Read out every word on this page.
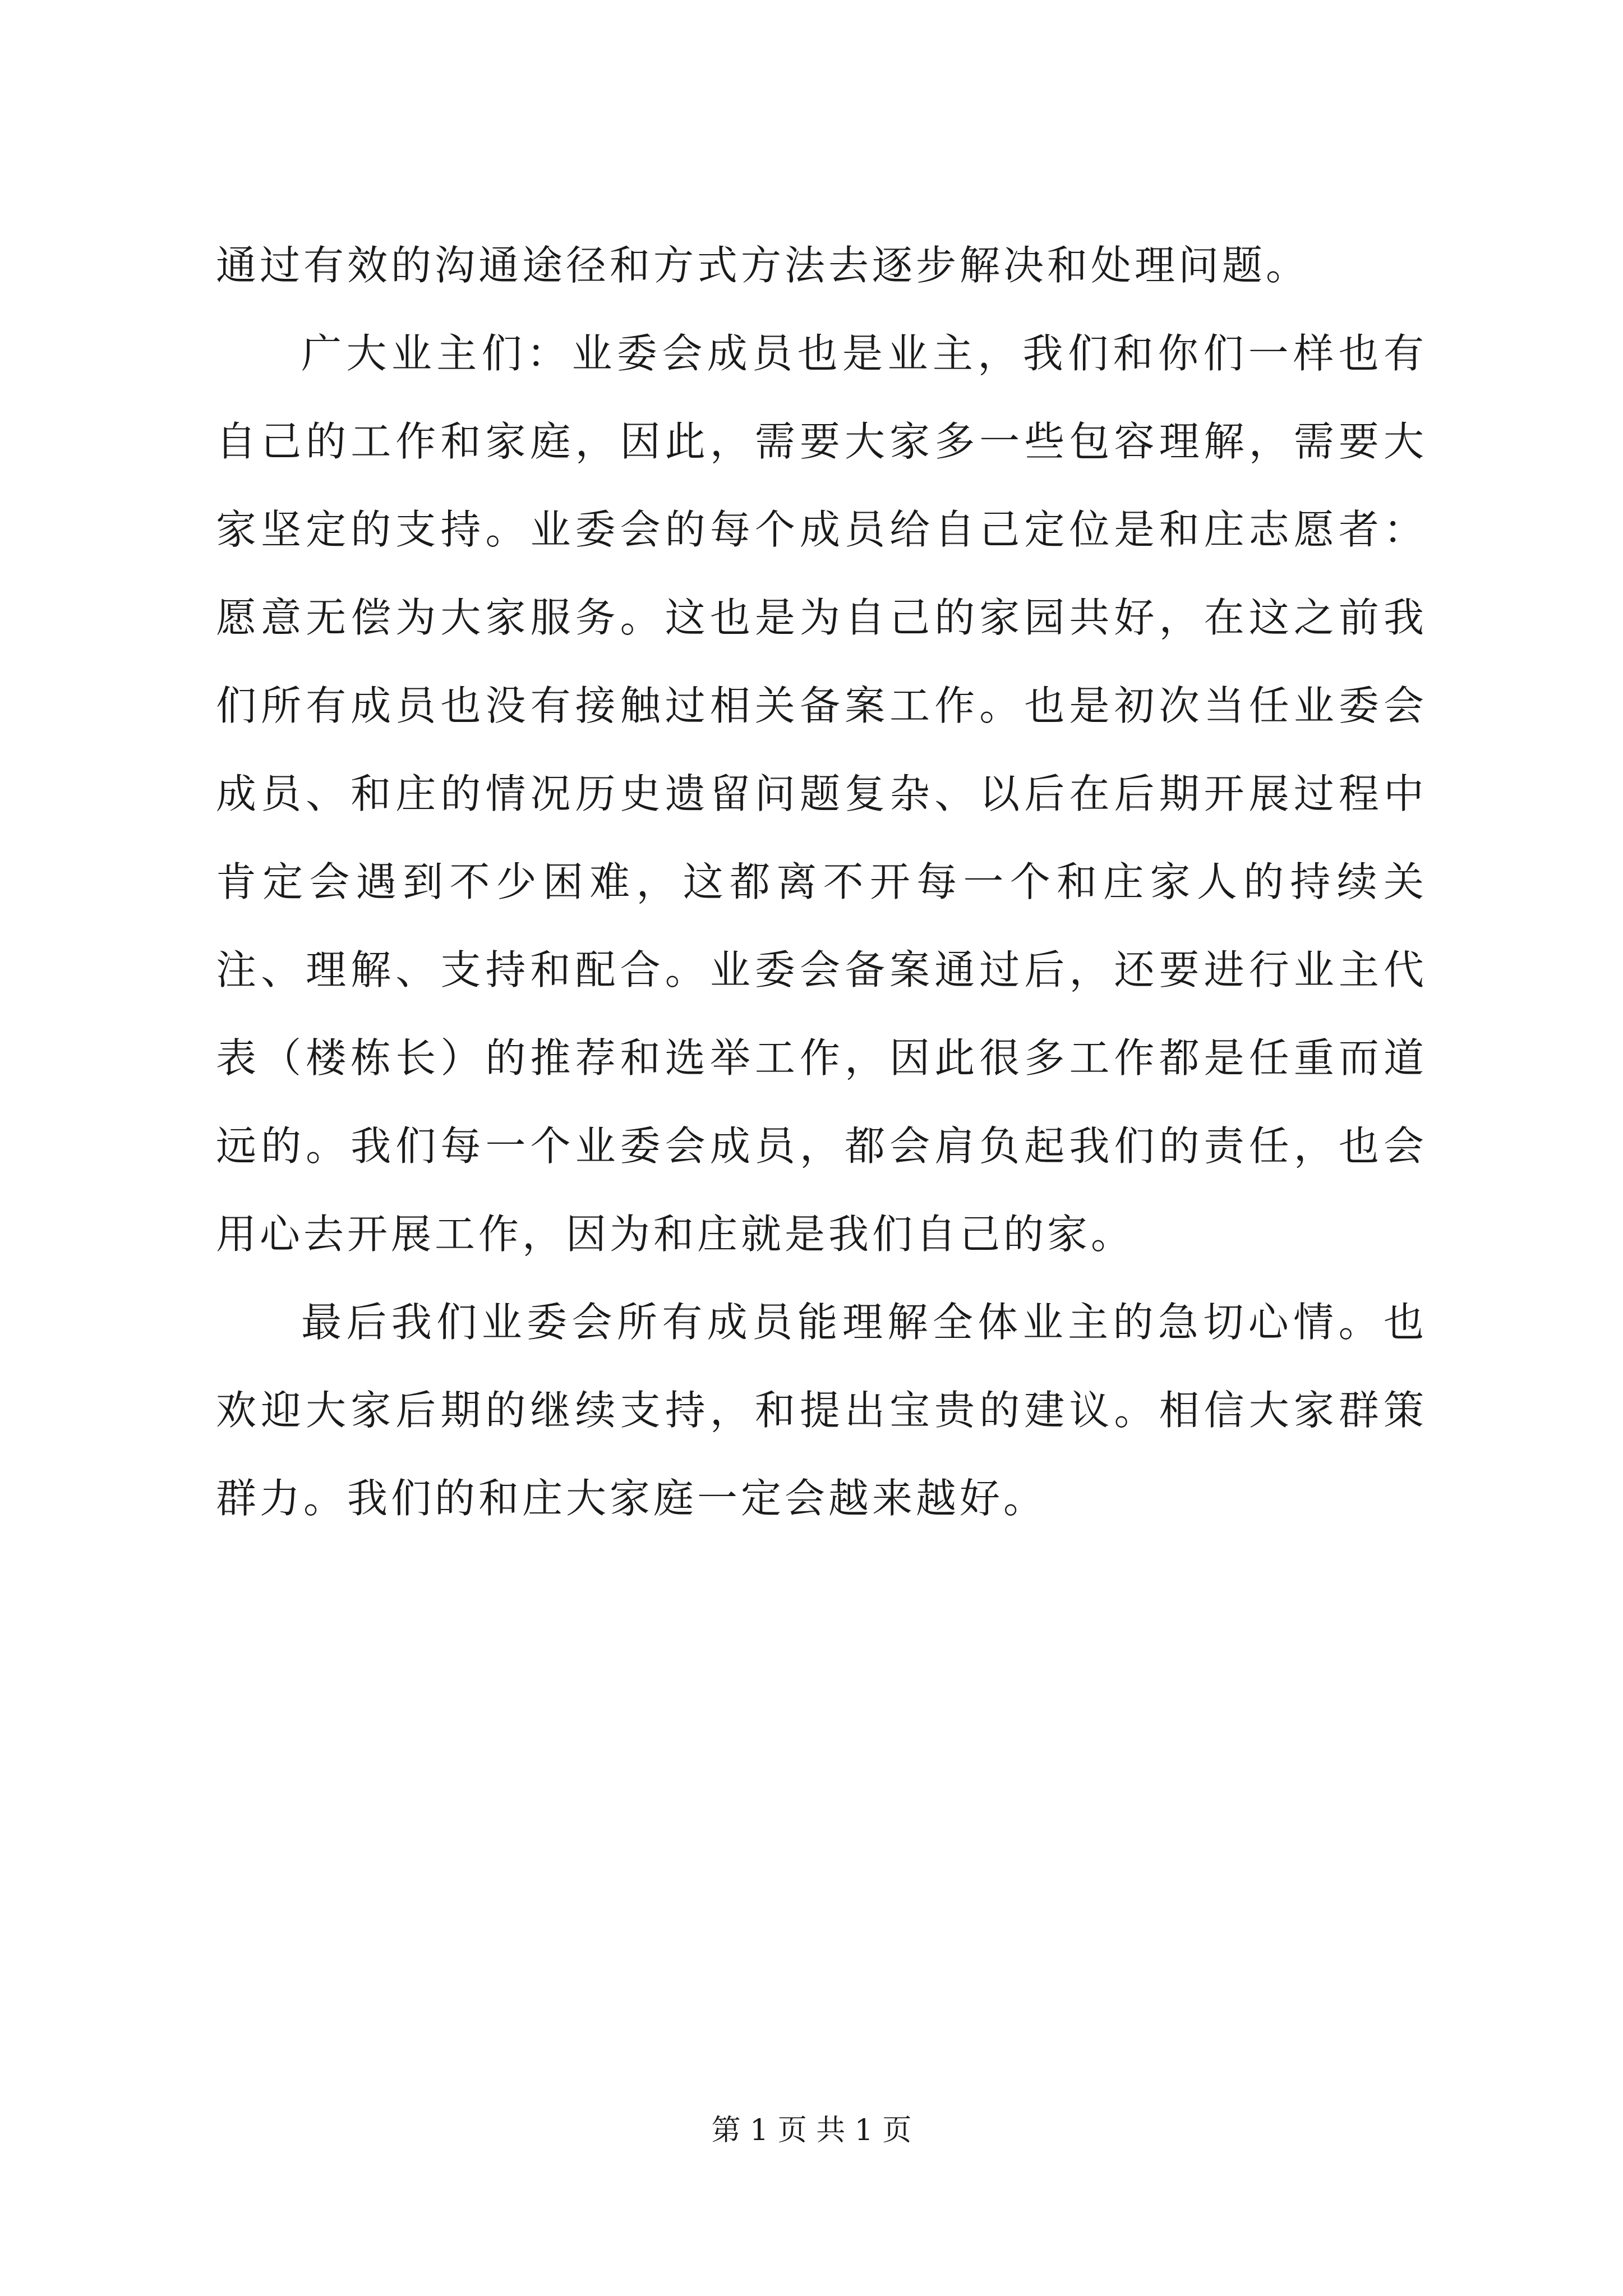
通过有效的沟通途径和方式方法去逐步解决和处理问题。

广大业主们：业委会成员也是业主，我们和你们一样也有自己的工作和家庭，因此，需要大家多一些包容理解，需要大家坚定的支持。业委会的每个成员给自己定位是和庄志愿者：愿意无偿为大家服务。这也是为自己的家园共好，在这之前我们所有成员也没有接触过相关备案工作。也是初次当任业委会成员、和庄的情况历史遗留问题复杂、以后在后期开展过程中肯定会遇到不少困难，这都离不开每一个和庄家人的持续关注、理解、支持和配合。业委会备案通过后，还要进行业主代表（楼栋长）的推荐和选举工作，因此很多工作都是任重而道远的。我们每一个业委会成员，都会肩负起我们的责任，也会用心去开展工作，因为和庄就是我们自己的家。

最后我们业委会所有成员能理解全体业主的急切心情。也欢迎大家后期的继续支持，和提出宝贵的建议。相信大家群策群力。我们的和庄大家庭一定会越来越好。

第 1 页 共 1 页
